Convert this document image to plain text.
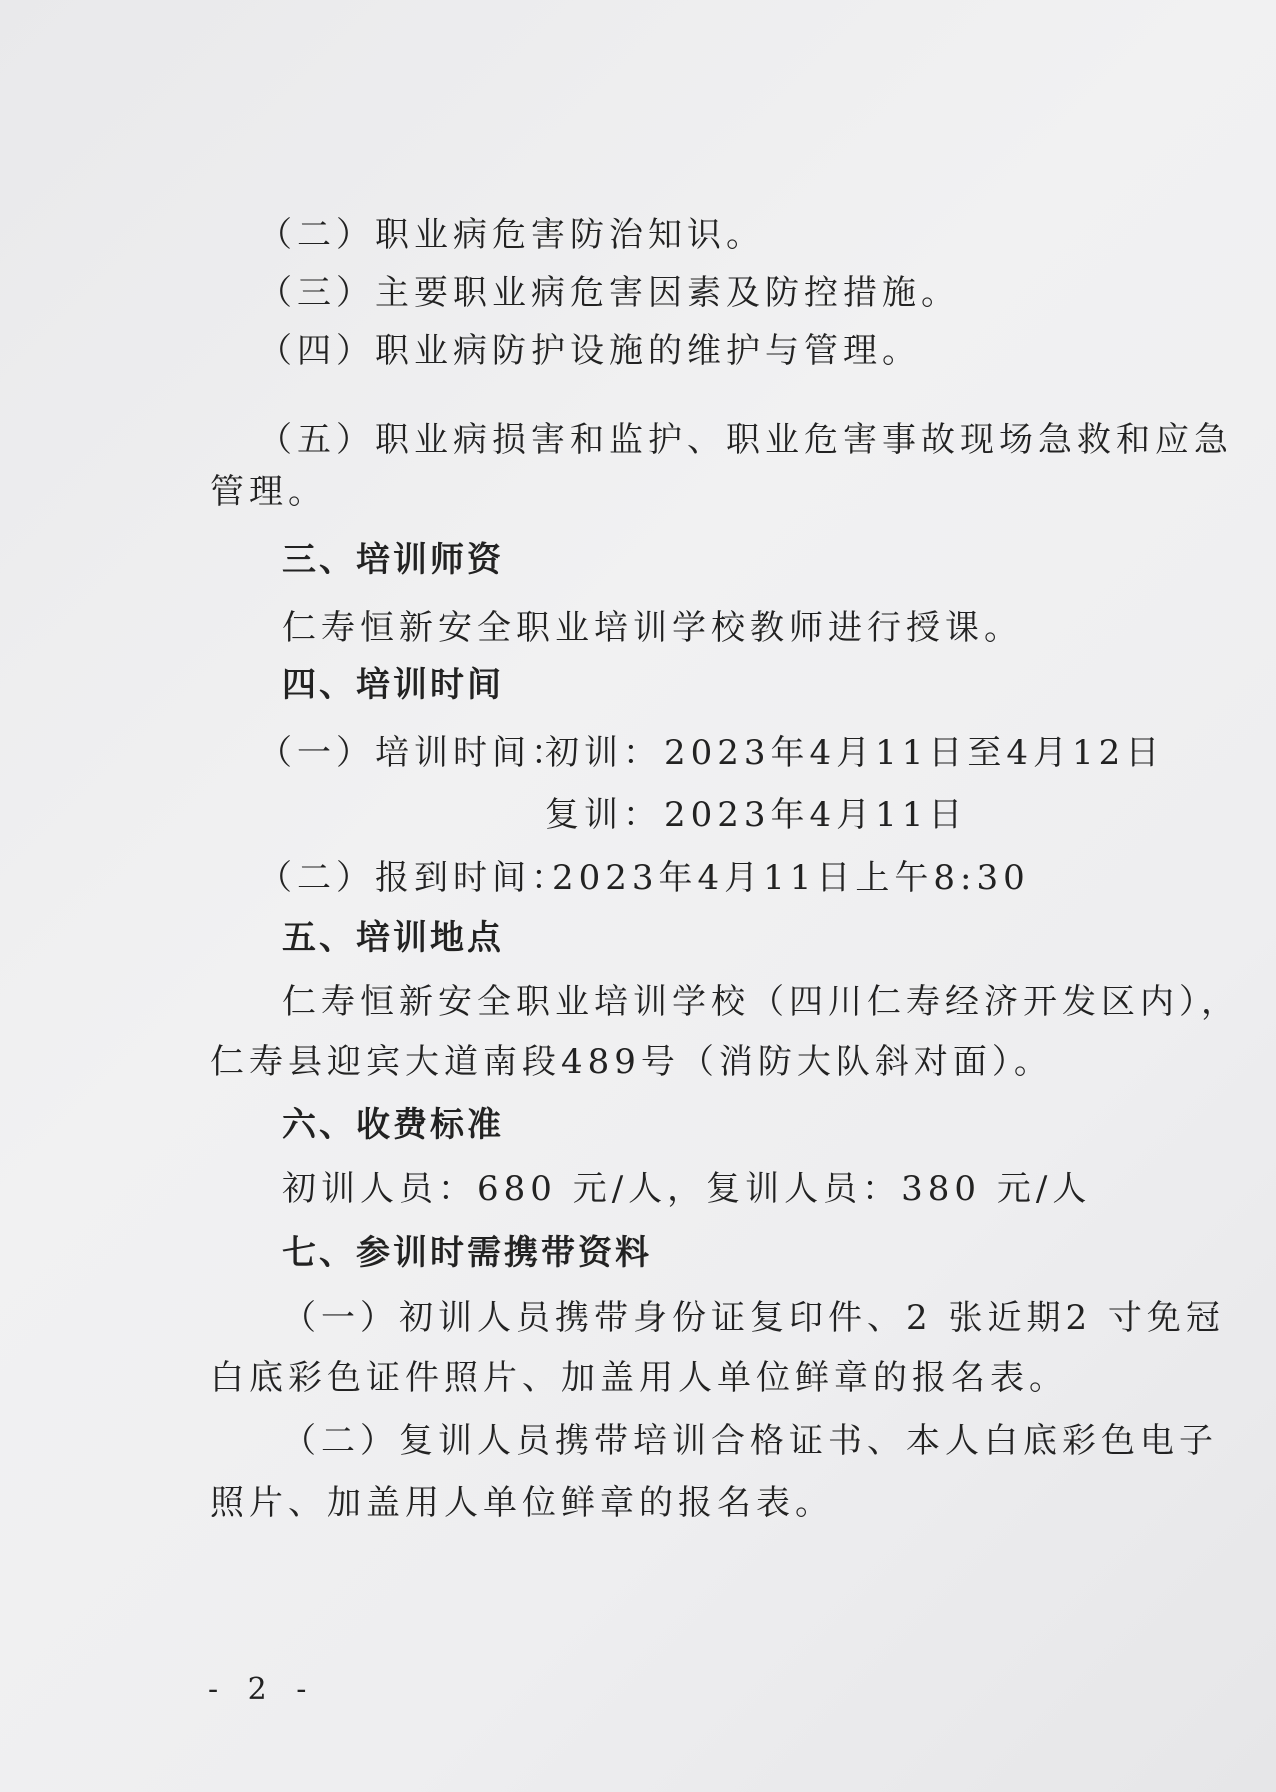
（二）职业病危害防治知识。
（三）主要职业病危害因素及防控措施。
（四）职业病防护设施的维护与管理。
（五）职业病损害和监护、职业危害事故现场急救和应急
管理。
三、培训师资
仁寿恒新安全职业培训学校教师进行授课。
四、培训时间
（一）培训时间：
初训： 2023年4月11日至4月12日
复训： 2023年4月11日
（二）报到时间：
2023年4月11日上午8:30
五、培训地点
仁寿恒新安全职业培训学校（四川仁寿经济开发区内），
仁寿县迎宾大道南段489号（消防大队斜对面）。
六、收费标准
初训人员：680 元/人，复训人员：380 元/人
七、参训时需携带资料
（一）初训人员携带身份证复印件、2 张近期2 寸免冠
白底彩色证件照片、加盖用人单位鲜章的报名表。
（二）复训人员携带培训合格证书、本人白底彩色电子
照片、加盖用人单位鲜章的报名表。
- 2 -
